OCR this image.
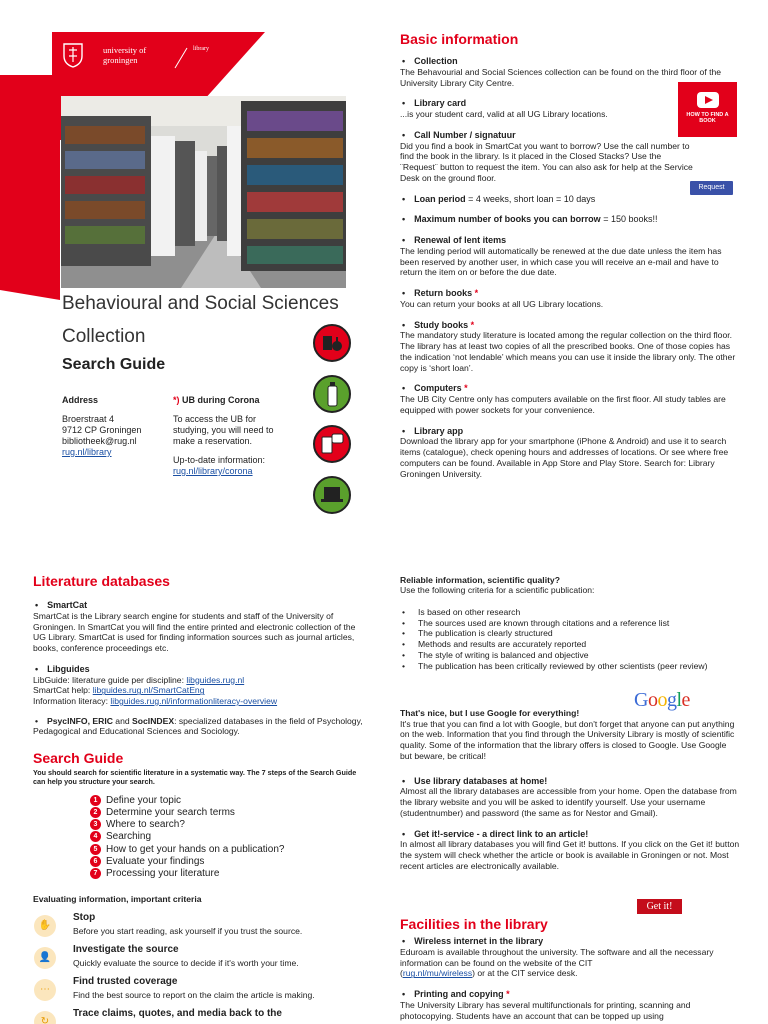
university of
groningen
library
Behavioural and Social Sciences
Collection
Search Guide
Address
Broerstraat 4
9712 CP Groningen
bibliotheek@rug.nl
rug.nl/library
*) UB during Corona
To access the UB for studying, you will need to make a reservation.
Up-to-date information:
rug.nl/library/corona
Basic information
• Collection

The Behavourial and Social Sciences collection can be found on the third floor of the University Library City Centre.

• Library card

...is your student card, valid at all UG Library locations.

• Call Number / signatuur

Did you find a book in SmartCat you want to borrow? Use the call number to find the book in the library. Is it placed in the Closed Stacks? Use the ¨Request¨ button to request the item. You can also ask for help at the Service Desk on the ground floor.

• Loan period = 4 weeks, short loan = 10 days
• Maximum number of books you can borrow = 150 books!!
• Renewal of lent items

The lending period will automatically be renewed at the due date unless the item has been reserved by another user, in which case you will receive an e-mail and have to return the item on or before the due date.

• Return books *

You can return your books at all UG Library locations.

• Study books *

The mandatory study literature is located among the regular collection on the third floor. The library has at least two copies of all the prescribed books. One of those copies has the indication ‘not lendable’ which means you can use it inside the library only. The other copy is ‘short loan’.

• Computers *

The UB City Centre only has computers available on the first floor. All study tables are equipped with power sockets for your convenience.

• Library app

Download the library app for your smartphone (iPhone & Android) and use it to search items (catalogue), check opening hours and addresses of locations. Or see where free computers can be found. Available in App Store and Play Store. Search for: Library Groningen University.

HOW TO FIND A BOOK
Request
Literature databases
• SmartCat

SmartCat is the Library search engine for students and staff of the University of Groningen. In SmartCat you will find the entire printed and electronic collection of the UG Library. SmartCat is used for finding information sources such as journal articles, books, conference proceedings etc.

• Libguides

LibGuide: literature guide per discipline: libguides.rug.nl

SmartCat help: libguides.rug.nl/SmartCatEng

Information literacy: libguides.rug.nl/informationliteracy-overview

• PsycINFO, ERIC and SocINDEX: specialized databases in the field of Psychology, Pedagogical and Educational Sciences and Sociology.

Search Guide
You should search for scientific literature in a systematic way. The 7 steps of the Search Guide can help you structure your search.
1 Define your topic
2 Determine your search terms
3 Where to search?
4 Searching
5 How to get your hands on a publication?
6 Evaluate your findings
7 Processing your literature
Evaluating information, important criteria
✋
Stop
Before you start reading, ask yourself if you trust the source.
👤
Investigate the source
Quickly evaluate the source to decide if it's worth your time.
⋯
Find trusted coverage
Find the best source to report on the claim the article is making.
↻
Trace claims, quotes, and media back to the
Reliable information, scientific quality?
Use the following criteria for a scientific publication:
• Is based on other research
• The sources used are known through citations and a reference list
• The publication is clearly structured
• Methods and results are accurately reported
• The style of writing is balanced and objective
• The publication has been critically reviewed by other scientists (peer review)
Google

That's nice, but I use Google for everything!

It's true that you can find a lot with Google, but don't forget that anyone can put anything on the web. Information that you find through the University Library is mostly of scientific quality. Some of the information that the library offers is closed to Google. Use Google but beware, be critical!

• Use library databases at home!

Almost all the library databases are accessible from your home. Open the database from the library website and you will be asked to identify yourself. Use your username (studentnumber) and password (the same as for Nestor and Gmail).

• Get it!-service - a direct link to an article!

In almost all library databases you will find Get it! buttons. If you click on the Get it! button the system will check whether the article or book is available in Groningen or not. Most recent articles are electronically available.

Get it!
Facilities in the library
• Wireless internet in the library

Eduroam is available throughout the university. The software and all the necessary information can be found on the website of the CIT
(rug.nl/mu/wireless) or at the CIT service desk.

• Printing and copying *

The University Library has several multifunctionals for printing, scanning and photocopying. Students have an account that can be topped up using
